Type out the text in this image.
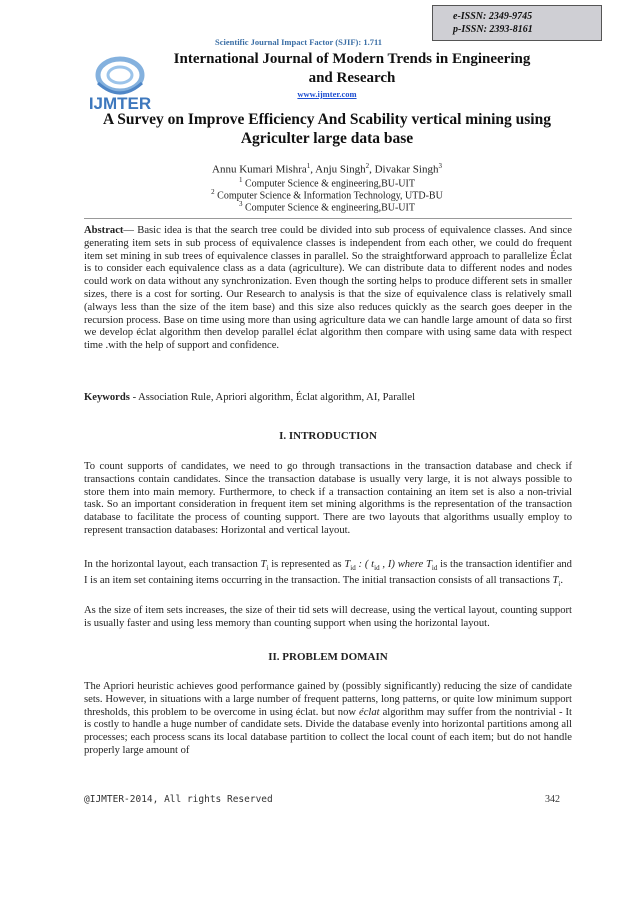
e-ISSN: 2349-9745
p-ISSN: 2393-8161
Scientific Journal Impact Factor (SJIF): 1.711
IJMTER
International Journal of Modern Trends in Engineering
and Research
www.ijmter.com
A Survey on Improve Efficiency And Scability vertical mining using
Agriculter large data base
Annu Kumari Mishra$^1$, Anju Singh$^2$, Divakar Singh$^3$
$^1$ Computer Science & engineering,BU-UIT
$^2$ Computer Science & Information Technology, UTD-BU
$^3$ Computer Science & engineering,BU-UIT
Abstract— Basic idea is that the search tree could be divided into sub process of equivalence classes. And since generating item sets in sub process of equivalence classes is independent from each other, we could do frequent item set mining in sub trees of equivalence classes in parallel. So the straightforward approach to parallelize Éclat is to consider each equivalence class as a data (agriculture). We can distribute data to different nodes and nodes could work on data without any synchronization. Even though the sorting helps to produce different sets in smaller sizes, there is a cost for sorting. Our Research to analysis is that the size of equivalence class is relatively small (always less than the size of the item base) and this size also reduces quickly as the search goes deeper in the recursion process. Base on time using more than using agriculture data we can handle large amount of data so first we develop éclat algorithm then develop parallel éclat algorithm then compare with using same data with respect time .with the help of support and confidence.
Keywords - Association Rule, Apriori algorithm, Éclat algorithm, AI, Parallel
I. INTRODUCTION
To count supports of candidates, we need to go through transactions in the transaction database and check if transactions contain candidates. Since the transaction database is usually very large, it is not always possible to store them into main memory. Furthermore, to check if a transaction containing an item set is also a non-trivial task. So an important consideration in frequent item set mining algorithms is the representation of the transaction database to facilitate the process of counting support. There are two layouts that algorithms usually employ to represent transaction databases: Horizontal and vertical layout.
In the horizontal layout, each transaction $T_i$ is represented as $T_{id}$ : ( $t_{id}$ , I) where $T_{id}$ is the transaction identifier and I is an item set containing items occurring in the transaction. The initial transaction consists of all transactions $T_i$.
As the size of item sets increases, the size of their tid sets will decrease, using the vertical layout, counting support is usually faster and using less memory than counting support when using the horizontal layout.
II. PROBLEM DOMAIN
The Apriori heuristic achieves good performance gained by (possibly significantly) reducing the size of candidate sets. However, in situations with a large number of frequent patterns, long patterns, or quite low minimum support thresholds, this problem to be overcome in using éclat. but now éclat algorithm may suffer from the nontrivial - It is costly to handle a huge number of candidate sets. Divide the database evenly into horizontal partitions among all processes; each process scans its local database partition to collect the local count of each item; but do not handle properly large amount of
@IJMTER-2014, All rights Reserved	342
